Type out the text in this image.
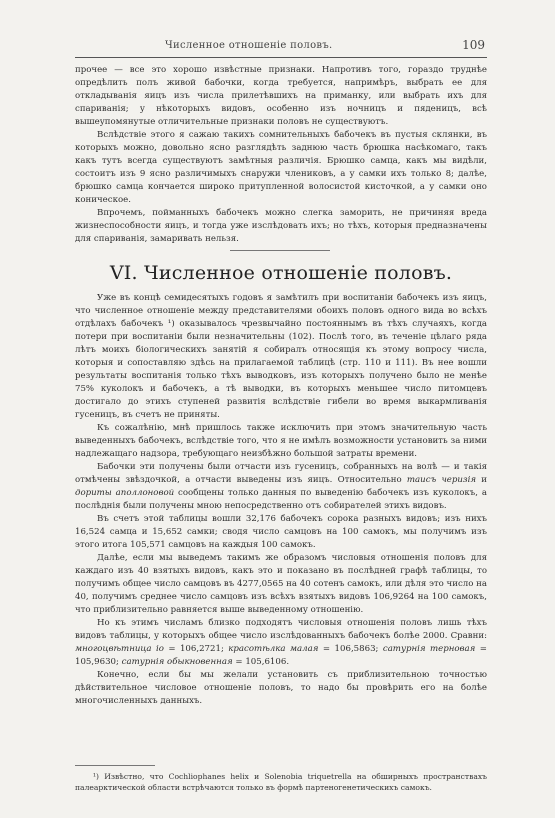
Численное отношеніе половъ.	109

прочее — все это хорошо извѣстные признаки. Напротивъ того, гораздо труднѣе опредѣлить полъ живой бабочки, когда требуется, напримѣръ, выбрать ее для откладыванія яицъ изъ числа прилетѣвшихъ на приманку, или выбрать ихъ для спариванія; у нѣкоторыхъ видовъ, особенно изъ ночницъ и пяденицъ, всѣ вышеупомянутые отличительные признаки половъ не существуютъ.

Вслѣдствіе этого я сажаю такихъ сомнительныхъ бабочекъ въ пустыя склянки, въ которыхъ можно, довольно ясно разглядѣть заднюю часть брюшка насѣкомаго, такъ какъ тутъ всегда существуютъ замѣтныя различія. Брюшко самца, какъ мы видѣли, состоитъ изъ 9 ясно различимыхъ снаружи члениковъ, а у самки ихъ только 8; далѣе, брюшко самца кончается широко притупленной волосистой кисточкой, а у самки оно коническое.

Впрочемъ, пойманныхъ бабочекъ можно слегка заморить, не причиняя вреда жизнеспособности яицъ, и тогда уже изслѣдовать ихъ; но тѣхъ, которыя предназначены для спариванія, замаривать нельзя.

VI. Численное отношеніе половъ.

Уже въ концѣ семидесятыхъ годовъ я замѣтилъ при воспитаніи бабочекъ изъ яицъ, что численное отношеніе между представителями обоихъ половъ одного вида во всѣхъ отдѣлахъ бабочекъ ¹) оказывалось чрезвычайно постояннымъ въ тѣхъ случаяхъ, когда потери при воспитаніи были незначительны (102). Послѣ того, въ теченіе цѣлаго ряда лѣтъ моихъ біологическихъ занятій я собиралъ относящія къ этому вопросу числа, которыя и сопоставляю здѣсь на прилагаемой таблицѣ (стр. 110 и 111). Въ нее вошли результаты воспитанія только тѣхъ выводковъ, изъ которыхъ получено было не менѣе 75% куколокъ и бабочекъ, а тѣ выводки, въ которыхъ меньшее число питомцевъ достигало до этихъ ступеней развитія вслѣдствіе гибели во время выкармливанія гусеницъ, въ счетъ не приняты.

Къ сожалѣнію, мнѣ пришлось также исключить при этомъ значительную часть выведенныхъ бабочекъ, вслѣдствіе того, что я не имѣлъ возможности установить за ними надлежащаго надзора, требующаго неизбѣжно большой затраты времени.

Бабочки эти получены были отчасти изъ гусеницъ, собранныхъ на волѣ — и такія отмѣчены звѣздочкой, а отчасти выведены изъ яицъ. Относительно таисъ черизія и дориты аполлоновой сообщены только данныя по выведенію бабочекъ изъ куколокъ, а послѣднія были получены мною непосредственно отъ собирателей этихъ видовъ.

Въ счетъ этой таблицы вошли 32,176 бабочекъ сорока разныхъ видовъ; изъ нихъ 16,524 самца и 15,652 самки; сводя число самцовъ на 100 самокъ, мы получимъ изъ этого итога 105,571 самцовъ на каждыя 100 самокъ.

Далѣе, если мы выведемъ такимъ же образомъ числовыя отношенія половъ для каждаго изъ 40 взятыхъ видовъ, какъ это и показано въ послѣдней графѣ таблицы, то получимъ общее число самцовъ въ 4277,0565 на 40 сотенъ самокъ, или дѣля это число на 40, получимъ среднее число самцовъ изъ всѣхъ взятыхъ видовъ 106,9264 на 100 самокъ, что приблизительно равняется выше выведенному отношенію.

Но къ этимъ числамъ близко подходятъ числовыя отношенія половъ лишь тѣхъ видовъ таблицы, у которыхъ общее число изслѣдованныхъ бабочекъ болѣе 2000. Сравни: многоцвѣтница іо = 106,2721; красотѣлка малая = 106,5863; сатурнія терновая = 105,9630; сатурнія обыкновенная = 105,6106.

Конечно, если бы мы желали установить съ приблизительною точностью дѣйствительное числовое отношеніе половъ, то надо бы провѣрить его на болѣе многочисленныхъ данныхъ.

¹) Извѣстно, что Cochliophanes helix и Solenobia triquetrella на обширныхъ пространствахъ палеарктической области встрѣчаются только въ формѣ партеногенетическихъ самокъ.
